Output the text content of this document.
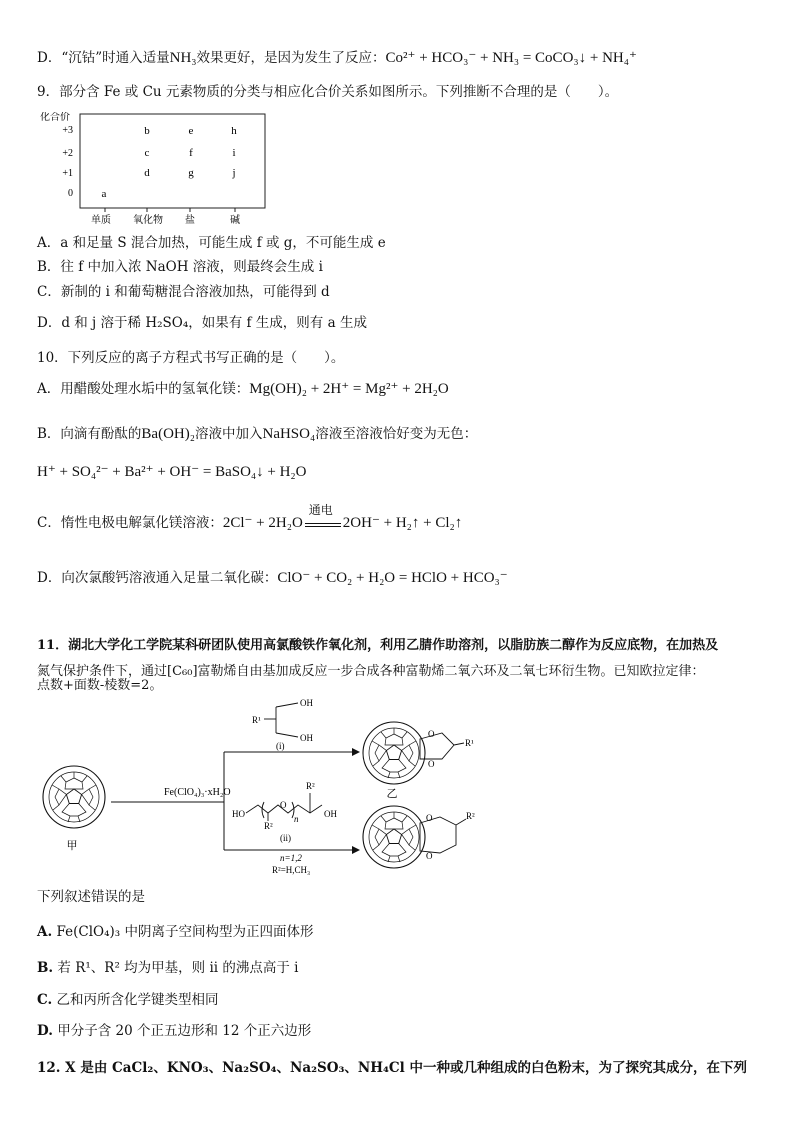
D．“沉钴”时通入适量NH₃效果更好，是因为发生了反应：Co²⁺ + HCO₃⁻ + NH₃ = CoCO₃↓ + NH₄⁺
9．部分含 Fe 或 Cu 元素物质的分类与相应化合价关系如图所示。下列推断不合理的是（　　）。
化合价
+3
+2
+1
0
单质 氧化物 盐	碱
a
b
c
d
e
f
g
h
i
j
A．a 和足量 S 混合加热，可能生成 f 或 g，不可能生成 e
B．往 f 中加入浓 NaOH 溶液，则最终会生成 i
C．新制的 i 和葡萄糖混合溶液加热，可能得到 d
D．d 和 j 溶于稀 H₂SO₄，如果有 f 生成，则有 a 生成
10．下列反应的离子方程式书写正确的是（　　）。
A．用醋酸处理水垢中的氢氧化镁：Mg(OH)₂ + 2H⁺ = Mg²⁺ + 2H₂O
B．向滴有酚酞的Ba(OH)₂溶液中加入NaHSO₄溶液至溶液恰好变为无色：
H⁺ + SO₄²⁻ + Ba²⁺ + OH⁻ = BaSO₄↓ + H₂O
C．惰性电极电解氯化镁溶液：2Cl⁻ + 2H₂O
通电
2OH⁻ + H₂↑ + Cl₂↑
D．向次氯酸钙溶液通入足量二氧化碳：ClO⁻ + CO₂ + H₂O = HClO + HCO₃⁻
11．湖北大学化工学院某科研团队使用高氯酸铁作氧化剂，利用乙腈作助溶剂，以脂肪族二醇作为反应底物，在加热及
氮气保护条件下，通过[C₆₀]富勒烯自由基加成反应一步合成各种富勒烯二氧六环及二氧七环衍生物。已知欧拉定律：
点数+面数-棱数=2。
甲
Fe(ClO₄)₃·xH₂O
R¹
OH
OH
(i)
HO
O
n
R²
R²
OH
(ii)
n=1,2
R²=H,CH₃
O
O
R¹
乙
O
O
R²
下列叙述错误的是
A. Fe(ClO₄)₃ 中阴离子空间构型为正四面体形
B. 若 R¹、R² 均为甲基，则 ii 的沸点高于 i
C. 乙和丙所含化学键类型相同
D. 甲分子含 20 个正五边形和 12 个正六边形
12. X 是由 CaCl₂、KNO₃、Na₂SO₄、Na₂SO₃、NH₄Cl 中一种或几种组成的白色粉末，为了探究其成分，在下列
